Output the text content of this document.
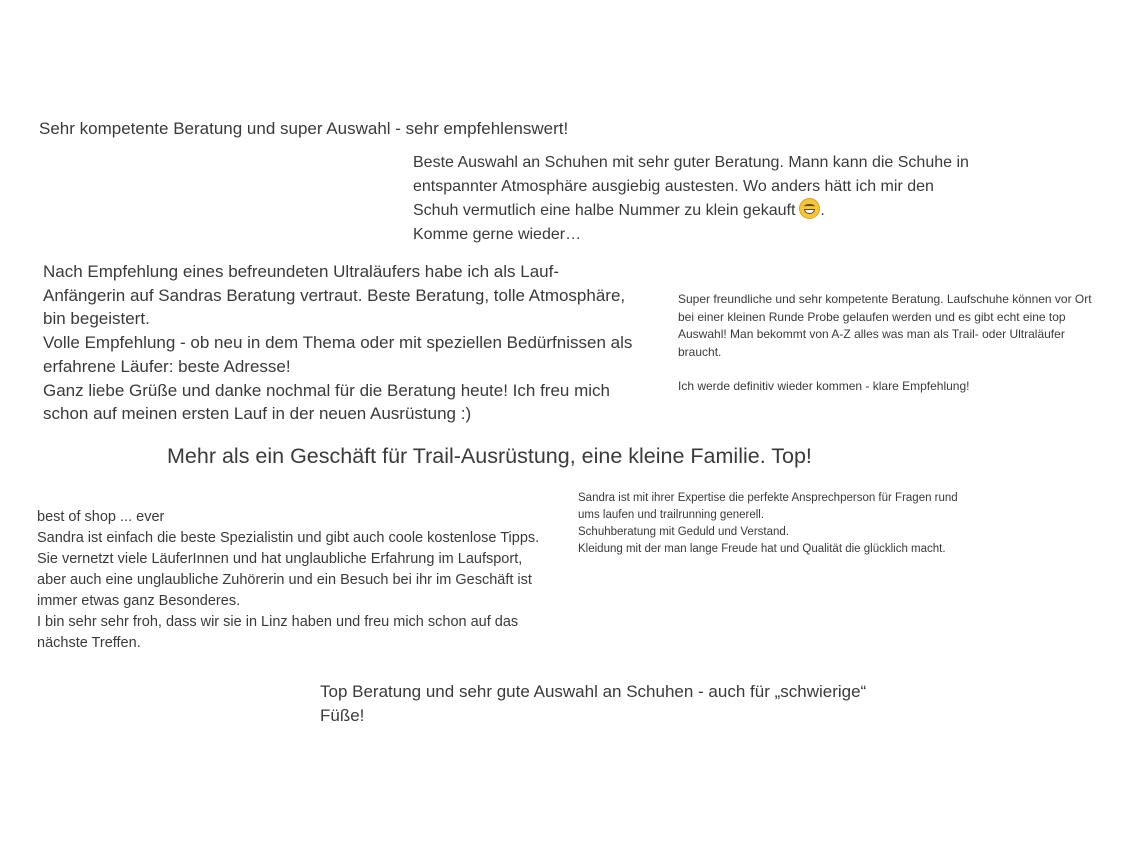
Sehr kompetente Beratung und super Auswahl - sehr empfehlenswert!
Beste Auswahl an Schuhen mit sehr guter Beratung. Mann kann die Schuhe in
entspannter Atmosphäre ausgiebig austesten. Wo anders hätt ich mir den
Schuh vermutlich eine halbe Nummer zu klein gekauft .
Komme gerne wieder…
Nach Empfehlung eines befreundeten Ultraläufers habe ich als Lauf-
Anfängerin auf Sandras Beratung vertraut. Beste Beratung, tolle Atmosphäre,
bin begeistert.
Volle Empfehlung - ob neu in dem Thema oder mit speziellen Bedürfnissen als
erfahrene Läufer: beste Adresse!
Ganz liebe Grüße und danke nochmal für die Beratung heute! Ich freu mich
schon auf meinen ersten Lauf in der neuen Ausrüstung :)
Super freundliche und sehr kompetente Beratung. Laufschuhe können vor Ort
bei einer kleinen Runde Probe gelaufen werden und es gibt echt eine top
Auswahl! Man bekommt von A-Z alles was man als Trail- oder Ultraläufer
braucht.
Ich werde definitiv wieder kommen - klare Empfehlung!
Mehr als ein Geschäft für Trail-Ausrüstung, eine kleine Familie. Top!
best of shop ... ever
Sandra ist einfach die beste Spezialistin und gibt auch coole kostenlose Tipps.
Sie vernetzt viele LäuferInnen und hat unglaubliche Erfahrung im Laufsport,
aber auch eine unglaubliche Zuhörerin und ein Besuch bei ihr im Geschäft ist
immer etwas ganz Besonderes.
I bin sehr sehr froh, dass wir sie in Linz haben und freu mich schon auf das
nächste Treffen.
Sandra ist mit ihrer Expertise die perfekte Ansprechperson für Fragen rund
ums laufen und trailrunning generell.
Schuhberatung mit Geduld und Verstand.
Kleidung mit der man lange Freude hat und Qualität die glücklich macht.
Top Beratung und sehr gute Auswahl an Schuhen - auch für „schwierige“
Füße!
